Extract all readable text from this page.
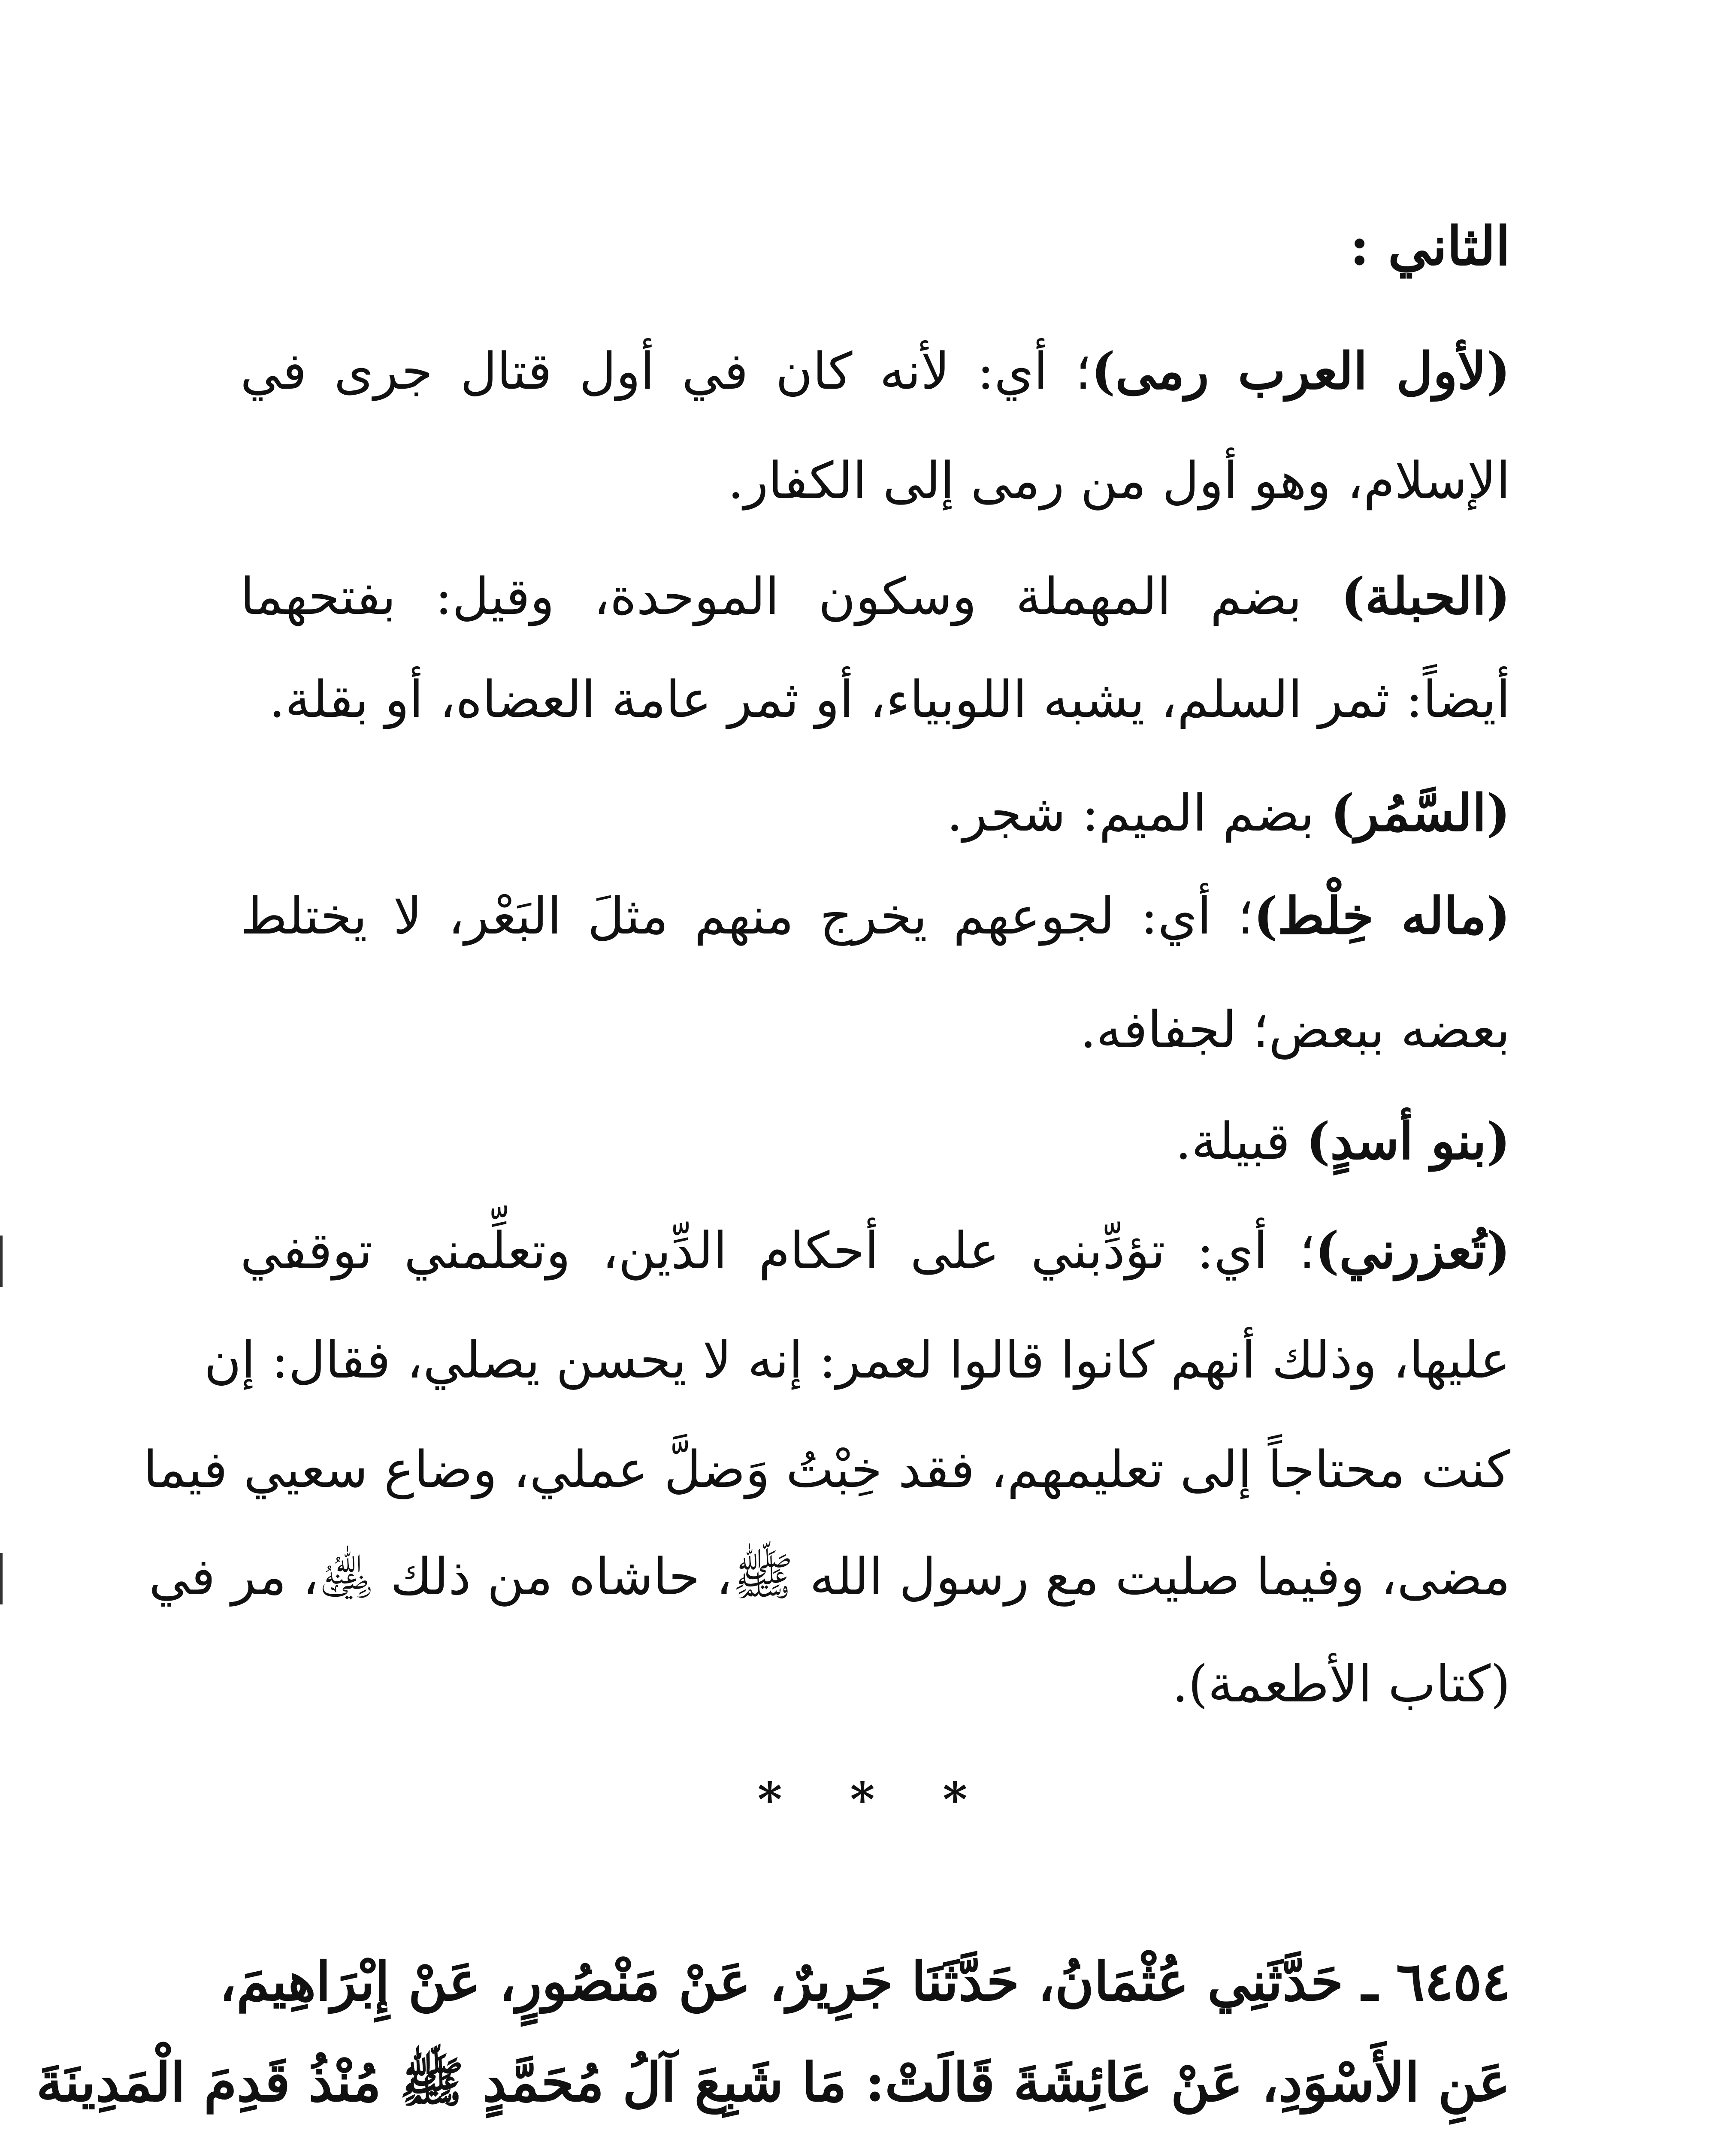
الثاني :
(لأول العرب رمى)؛ أي: لأنه كان في أول قتال جرى في
الإسلام، وهو أول من رمى إلى الكفار.
(الحبلة) بضم المهملة وسكون الموحدة، وقيل: بفتحهما
أيضاً: ثمر السلم، يشبه اللوبياء، أو ثمر عامة العضاه، أو بقلة.
(السَّمُر) بضم الميم: شجر.
(ماله خِلْط)؛ أي: لجوعهم يخرج منهم مثلَ البَعْر، لا يختلط
بعضه ببعض؛ لجفافه.
(بنو أسدٍ) قبيلة.
(تُعزرني)؛ أي: تؤدِّبني على أحكام الدِّين، وتعلِّمني توقفي
عليها، وذلك أنهم كانوا قالوا لعمر: إنه لا يحسن يصلي، فقال: إن
كنت محتاجاً إلى تعليمهم، فقد خِبْتُ وَضلَّ عملي، وضاع سعيي فيما
مضى، وفيما صليت مع رسول الله ﷺ، حاشاه من ذلك ﵁، مر في
(كتاب الأطعمة).
* * *
٦٤٥٤ ـ حَدَّثَنِي عُثْمَانُ، حَدَّثَنَا جَرِيرٌ، عَنْ مَنْصُورٍ، عَنْ إِبْرَاهِيمَ،
عَنِ الأَسْوَدِ، عَنْ عَائِشَةَ قَالَتْ: مَا شَبِعَ آلُ مُحَمَّدٍ ﷺ مُنْذُ قَدِمَ الْمَدِينَةَ
